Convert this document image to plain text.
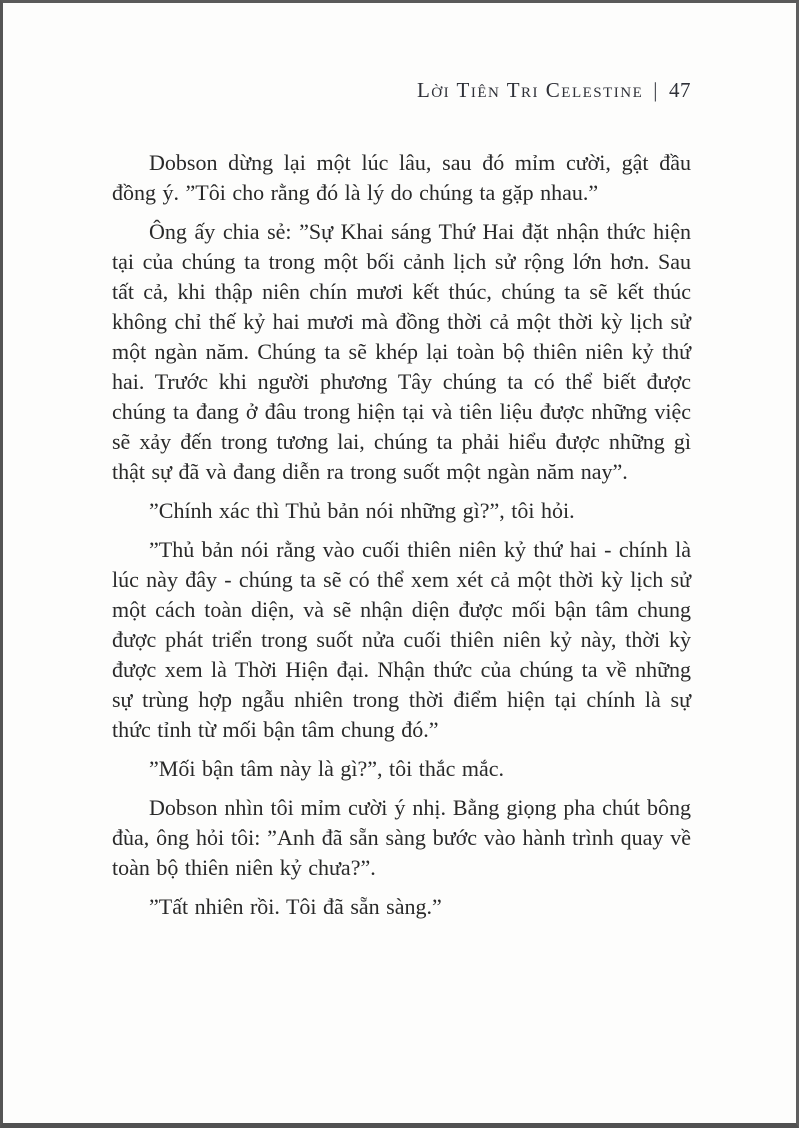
Lời Tiên Tri Celestine | 47

Dobson dừng lại một lúc lâu, sau đó mỉm cười, gật đầu đồng ý. ”Tôi cho rằng đó là lý do chúng ta gặp nhau.”

Ông ấy chia sẻ: ”Sự Khai sáng Thứ Hai đặt nhận thức hiện tại của chúng ta trong một bối cảnh lịch sử rộng lớn hơn. Sau tất cả, khi thập niên chín mươi kết thúc, chúng ta sẽ kết thúc không chỉ thế kỷ hai mươi mà đồng thời cả một thời kỳ lịch sử một ngàn năm. Chúng ta sẽ khép lại toàn bộ thiên niên kỷ thứ hai. Trước khi người phương Tây chúng ta có thể biết được chúng ta đang ở đâu trong hiện tại và tiên liệu được những việc sẽ xảy đến trong tương lai, chúng ta phải hiểu được những gì thật sự đã và đang diễn ra trong suốt một ngàn năm nay”.

”Chính xác thì Thủ bản nói những gì?”, tôi hỏi.

”Thủ bản nói rằng vào cuối thiên niên kỷ thứ hai - chính là lúc này đây - chúng ta sẽ có thể xem xét cả một thời kỳ lịch sử một cách toàn diện, và sẽ nhận diện được mối bận tâm chung được phát triển trong suốt nửa cuối thiên niên kỷ này, thời kỳ được xem là Thời Hiện đại. Nhận thức của chúng ta về những sự trùng hợp ngẫu nhiên trong thời điểm hiện tại chính là sự thức tỉnh từ mối bận tâm chung đó.”

”Mối bận tâm này là gì?”, tôi thắc mắc.

Dobson nhìn tôi mỉm cười ý nhị. Bằng giọng pha chút bông đùa, ông hỏi tôi: ”Anh đã sẵn sàng bước vào hành trình quay về toàn bộ thiên niên kỷ chưa?”.

”Tất nhiên rồi. Tôi đã sẵn sàng.”
